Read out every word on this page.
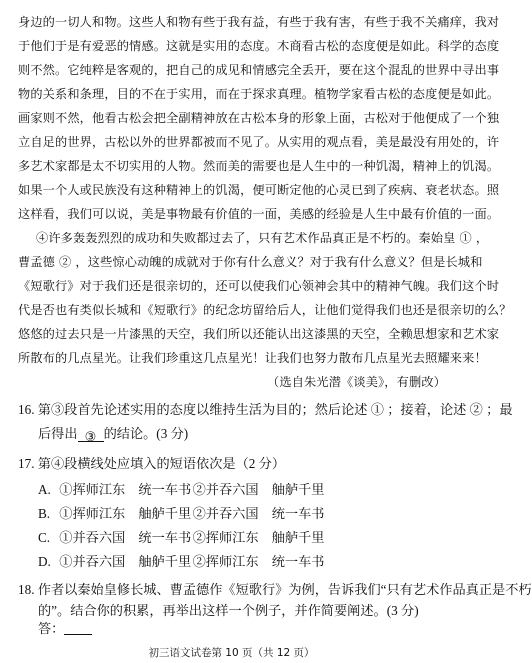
身边的一切人和物。这些人和物有些于我有益，有些于我有害，有些于我不关痛痒，我对
于他们于是有爱恶的情感。这就是实用的态度。木商看古松的态度便是如此。科学的态度
则不然。它纯粹是客观的，把自己的成见和情感完全丢开，要在这个混乱的世界中寻出事
物的关系和条理，目的不在于实用，而在于探求真理。植物学家看古松的态度便是如此。
画家则不然，他看古松会把全副精神放在古松本身的形象上面，古松对于他便成了一个独
立自足的世界，古松以外的世界都被而不见了。从实用的观点看，美是最没有用处的，许
多艺术家都是太不切实用的人物。然而美的需要也是人生中的一种饥渴，精神上的饥渴。
如果一个人或民族没有这种精神上的饥渴，便可断定他的心灵已到了疾病、衰老状态。照
这样看，我们可以说，美是事物最有价值的一面，美感的经验是人生中最有价值的一面。
④许多轰轰烈烈的成功和失败都过去了，只有艺术作品真正是不朽的。秦始皇 ① ，
曹孟德 ② ，这些惊心动魄的成就对于你有什么意义？对于我有什么意义？但是长城和
《短歌行》对于我们还是很亲切的，还可以使我们心领神会其中的精神气魄。我们这个时
代是否也有类似长城和《短歌行》的纪念坊留给后人，让他们觉得我们也还是很亲切的么？
悠悠的过去只是一片漆黑的天空，我们所以还能认出这漆黑的天空，全赖思想家和艺术家
所散布的几点星光。让我们珍重这几点星光！让我们也努力散布几点星光去照耀来来！
（选自朱光潜《谈美》，有删改）
16. 第③段首先论述实用的态度以维持生活为目的；然后论述 ① ；接着，论述 ② ；最
后得出 ③ 的结论。(3 分)
17. 第④段横线处应填入的短语依次是（2 分）
A. ①挥师江东　统一车书 ②并吞六国　舳舻千里
B. ①挥师江东　舳舻千里 ②并吞六国　统一车书
C. ①并吞六国　统一车书 ②挥师江东　舳舻千里
D. ①并吞六国　舳舻千里 ②挥师江东　统一车书
18. 作者以秦始皇修长城、曹孟德作《短歌行》为例，告诉我们“只有艺术作品真正是不朽
的”。结合你的积累，再举出这样一个例子，并作简要阐述。(3 分)
答：
初三语文试卷第 10 页（共 12 页）
